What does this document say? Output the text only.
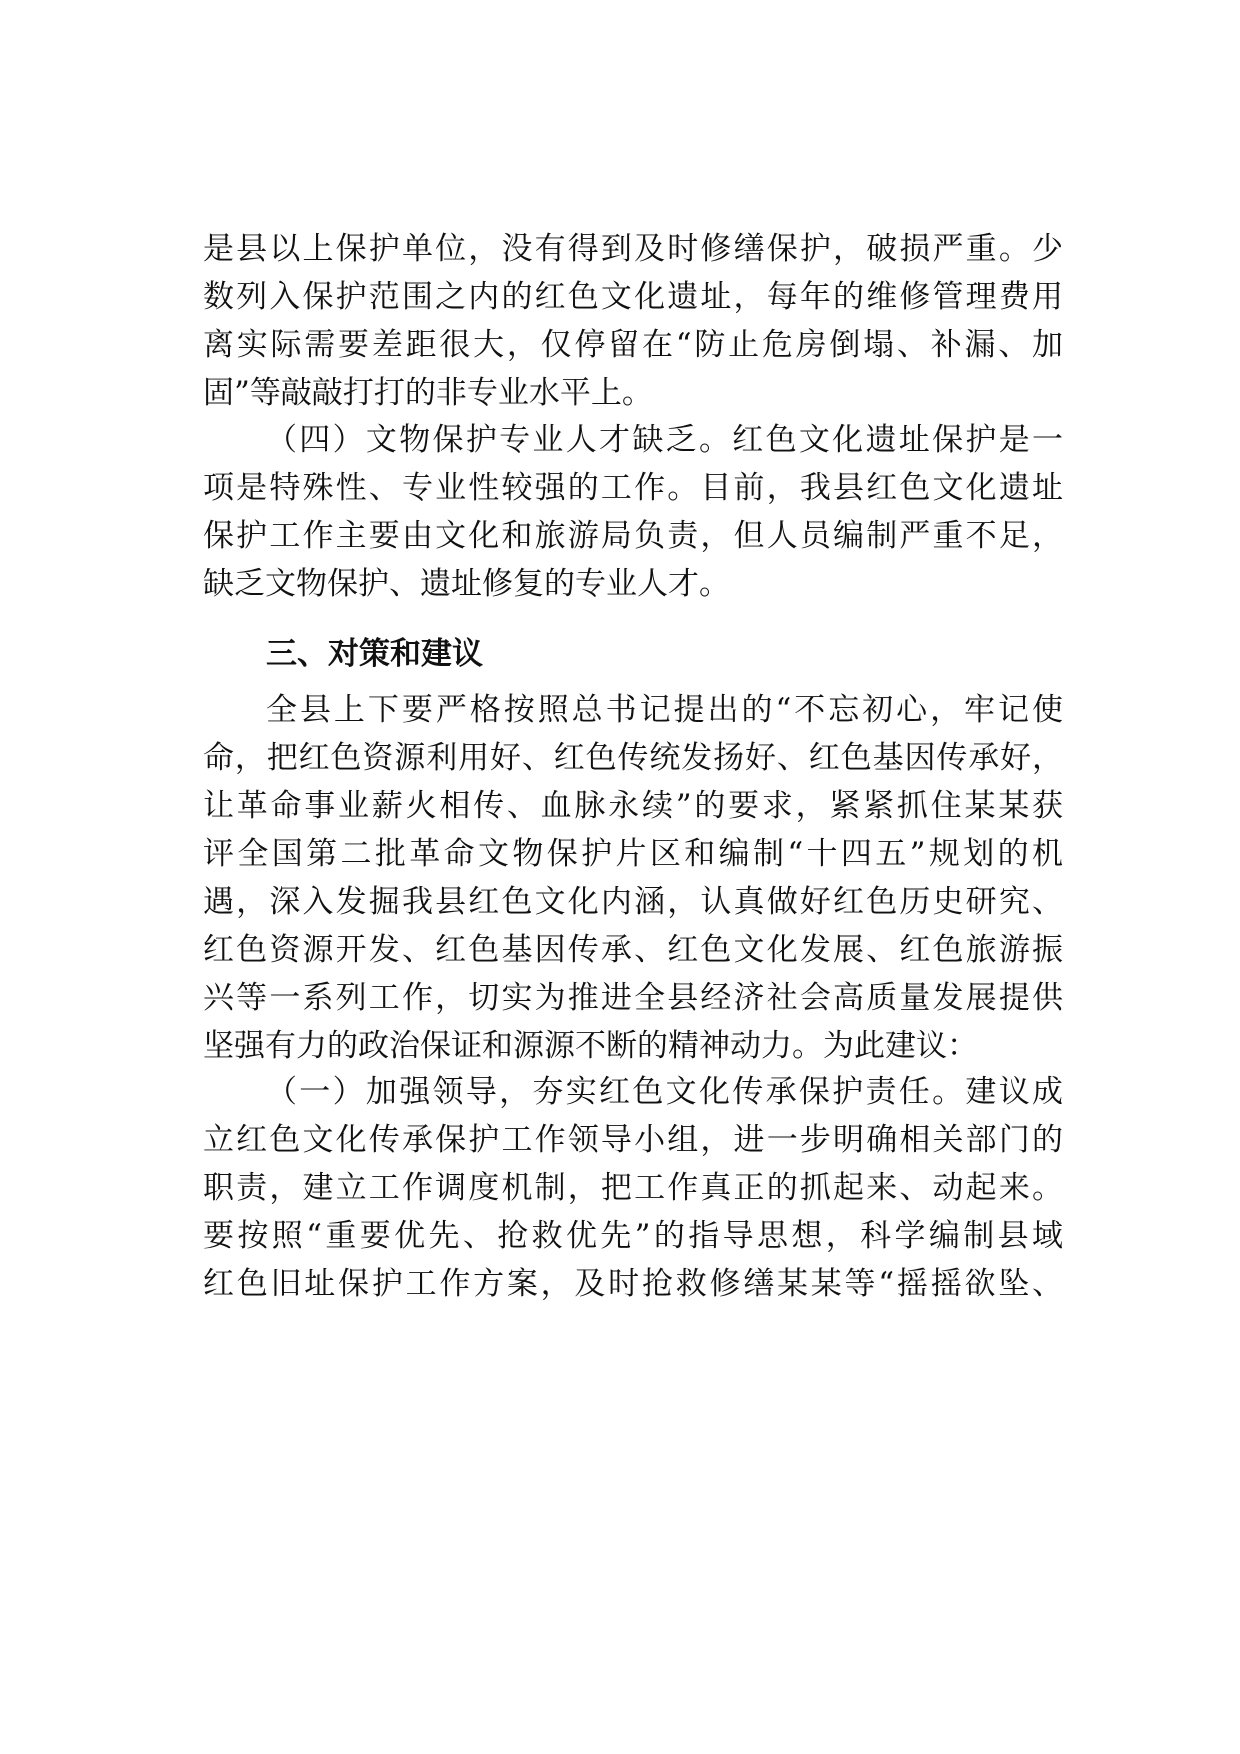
是县以上保护单位，没有得到及时修缮保护，破损严重。少
数列入保护范围之内的红色文化遗址，每年的维修管理费用
离实际需要差距很大，仅停留在“防止危房倒塌、补漏、加
固”等敲敲打打的非专业水平上。
（四）文物保护专业人才缺乏。红色文化遗址保护是一
项是特殊性、专业性较强的工作。目前，我县红色文化遗址
保护工作主要由文化和旅游局负责，但人员编制严重不足，
缺乏文物保护、遗址修复的专业人才。
三、对策和建议
全县上下要严格按照总书记提出的“不忘初心，牢记使
命，把红色资源利用好、红色传统发扬好、红色基因传承好，
让革命事业薪火相传、血脉永续”的要求，紧紧抓住某某获
评全国第二批革命文物保护片区和编制“十四五”规划的机
遇，深入发掘我县红色文化内涵，认真做好红色历史研究、
红色资源开发、红色基因传承、红色文化发展、红色旅游振
兴等一系列工作，切实为推进全县经济社会高质量发展提供
坚强有力的政治保证和源源不断的精神动力。为此建议：
（一）加强领导，夯实红色文化传承保护责任。建议成
立红色文化传承保护工作领导小组，进一步明确相关部门的
职责，建立工作调度机制，把工作真正的抓起来、动起来。
要按照“重要优先、抢救优先”的指导思想，科学编制县域
红色旧址保护工作方案，及时抢救修缮某某等“摇摇欲坠、
